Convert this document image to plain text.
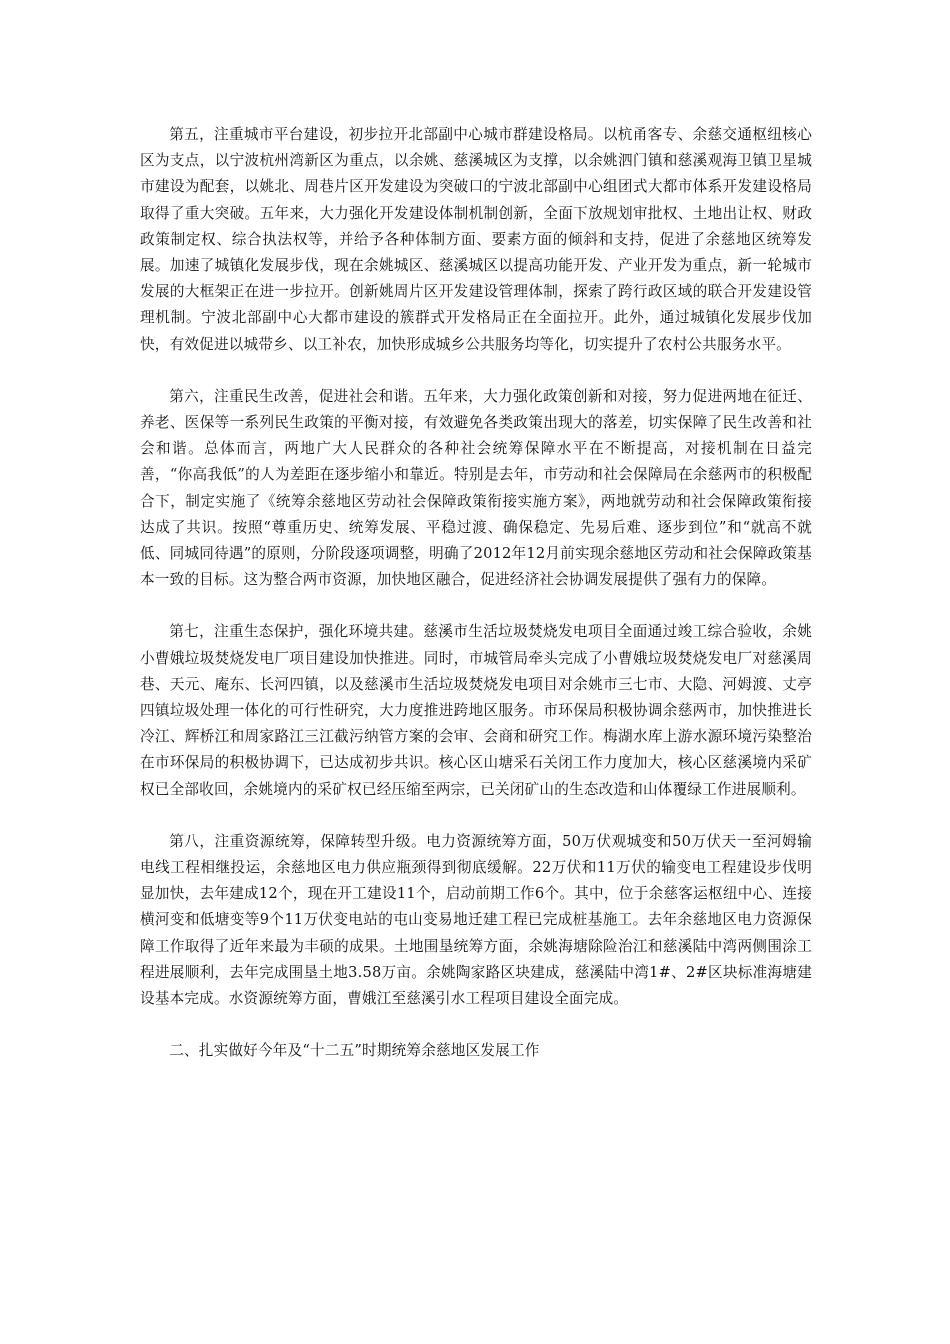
第五，注重城市平台建设，初步拉开北部副中心城市群建设格局。以杭甬客专、余慈交通枢纽核心区为支点，以宁波杭州湾新区为重点，以余姚、慈溪城区为支撑，以余姚泗门镇和慈溪观海卫镇卫星城市建设为配套，以姚北、周巷片区开发建设为突破口的宁波北部副中心组团式大都市体系开发建设格局取得了重大突破。五年来，大力强化开发建设体制机制创新，全面下放规划审批权、土地出让权、财政政策制定权、综合执法权等，并给予各种体制方面、要素方面的倾斜和支持，促进了余慈地区统筹发展。加速了城镇化发展步伐，现在余姚城区、慈溪城区以提高功能开发、产业开发为重点，新一轮城市发展的大框架正在进一步拉开。创新姚周片区开发建设管理体制，探索了跨行政区域的联合开发建设管理机制。宁波北部副中心大都市建设的簇群式开发格局正在全面拉开。此外，通过城镇化发展步伐加快，有效促进以城带乡、以工补农，加快形成城乡公共服务均等化，切实提升了农村公共服务水平。

第六，注重民生改善，促进社会和谐。五年来，大力强化政策创新和对接，努力促进两地在征迁、养老、医保等一系列民生政策的平衡对接，有效避免各类政策出现大的落差，切实保障了民生改善和社会和谐。总体而言，两地广大人民群众的各种社会统筹保障水平在不断提高，对接机制在日益完善，“你高我低”的人为差距在逐步缩小和靠近。特别是去年，市劳动和社会保障局在余慈两市的积极配合下，制定实施了《统筹余慈地区劳动社会保障政策衔接实施方案》，两地就劳动和社会保障政策衔接达成了共识。按照“尊重历史、统筹发展、平稳过渡、确保稳定、先易后难、逐步到位”和“就高不就低、同城同待遇”的原则，分阶段逐项调整，明确了2012年12月前实现余慈地区劳动和社会保障政策基本一致的目标。这为整合两市资源，加快地区融合，促进经济社会协调发展提供了强有力的保障。

第七，注重生态保护，强化环境共建。慈溪市生活垃圾焚烧发电项目全面通过竣工综合验收，余姚小曹娥垃圾焚烧发电厂项目建设加快推进。同时，市城管局牵头完成了小曹娥垃圾焚烧发电厂对慈溪周巷、天元、庵东、长河四镇，以及慈溪市生活垃圾焚烧发电项目对余姚市三七市、大隐、河姆渡、丈亭四镇垃圾处理一体化的可行性研究，大力度推进跨地区服务。市环保局积极协调余慈两市，加快推进长冷江、辉桥江和周家路江三江截污纳管方案的会审、会商和研究工作。梅湖水库上游水源环境污染整治在市环保局的积极协调下，已达成初步共识。核心区山塘采石关闭工作力度加大，核心区慈溪境内采矿权已全部收回，余姚境内的采矿权已经压缩至两宗，已关闭矿山的生态改造和山体覆绿工作进展顺利。

第八，注重资源统筹，保障转型升级。电力资源统筹方面，50万伏观城变和50万伏天一至河姆输电线工程相继投运，余慈地区电力供应瓶颈得到彻底缓解。22万伏和11万伏的输变电工程建设步伐明显加快，去年建成12个，现在开工建设11个，启动前期工作6个。其中，位于余慈客运枢纽中心、连接横河变和低塘变等9个11万伏变电站的屯山变易地迁建工程已完成桩基施工。去年余慈地区电力资源保障工作取得了近年来最为丰硕的成果。土地围垦统筹方面，余姚海塘除险治江和慈溪陆中湾两侧围涂工程进展顺利，去年完成围垦土地3.58万亩。余姚陶家路区块建成，慈溪陆中湾1#、2#区块标准海塘建设基本完成。水资源统筹方面，曹娥江至慈溪引水工程项目建设全面完成。

二、扎实做好今年及“十二五”时期统筹余慈地区发展工作
